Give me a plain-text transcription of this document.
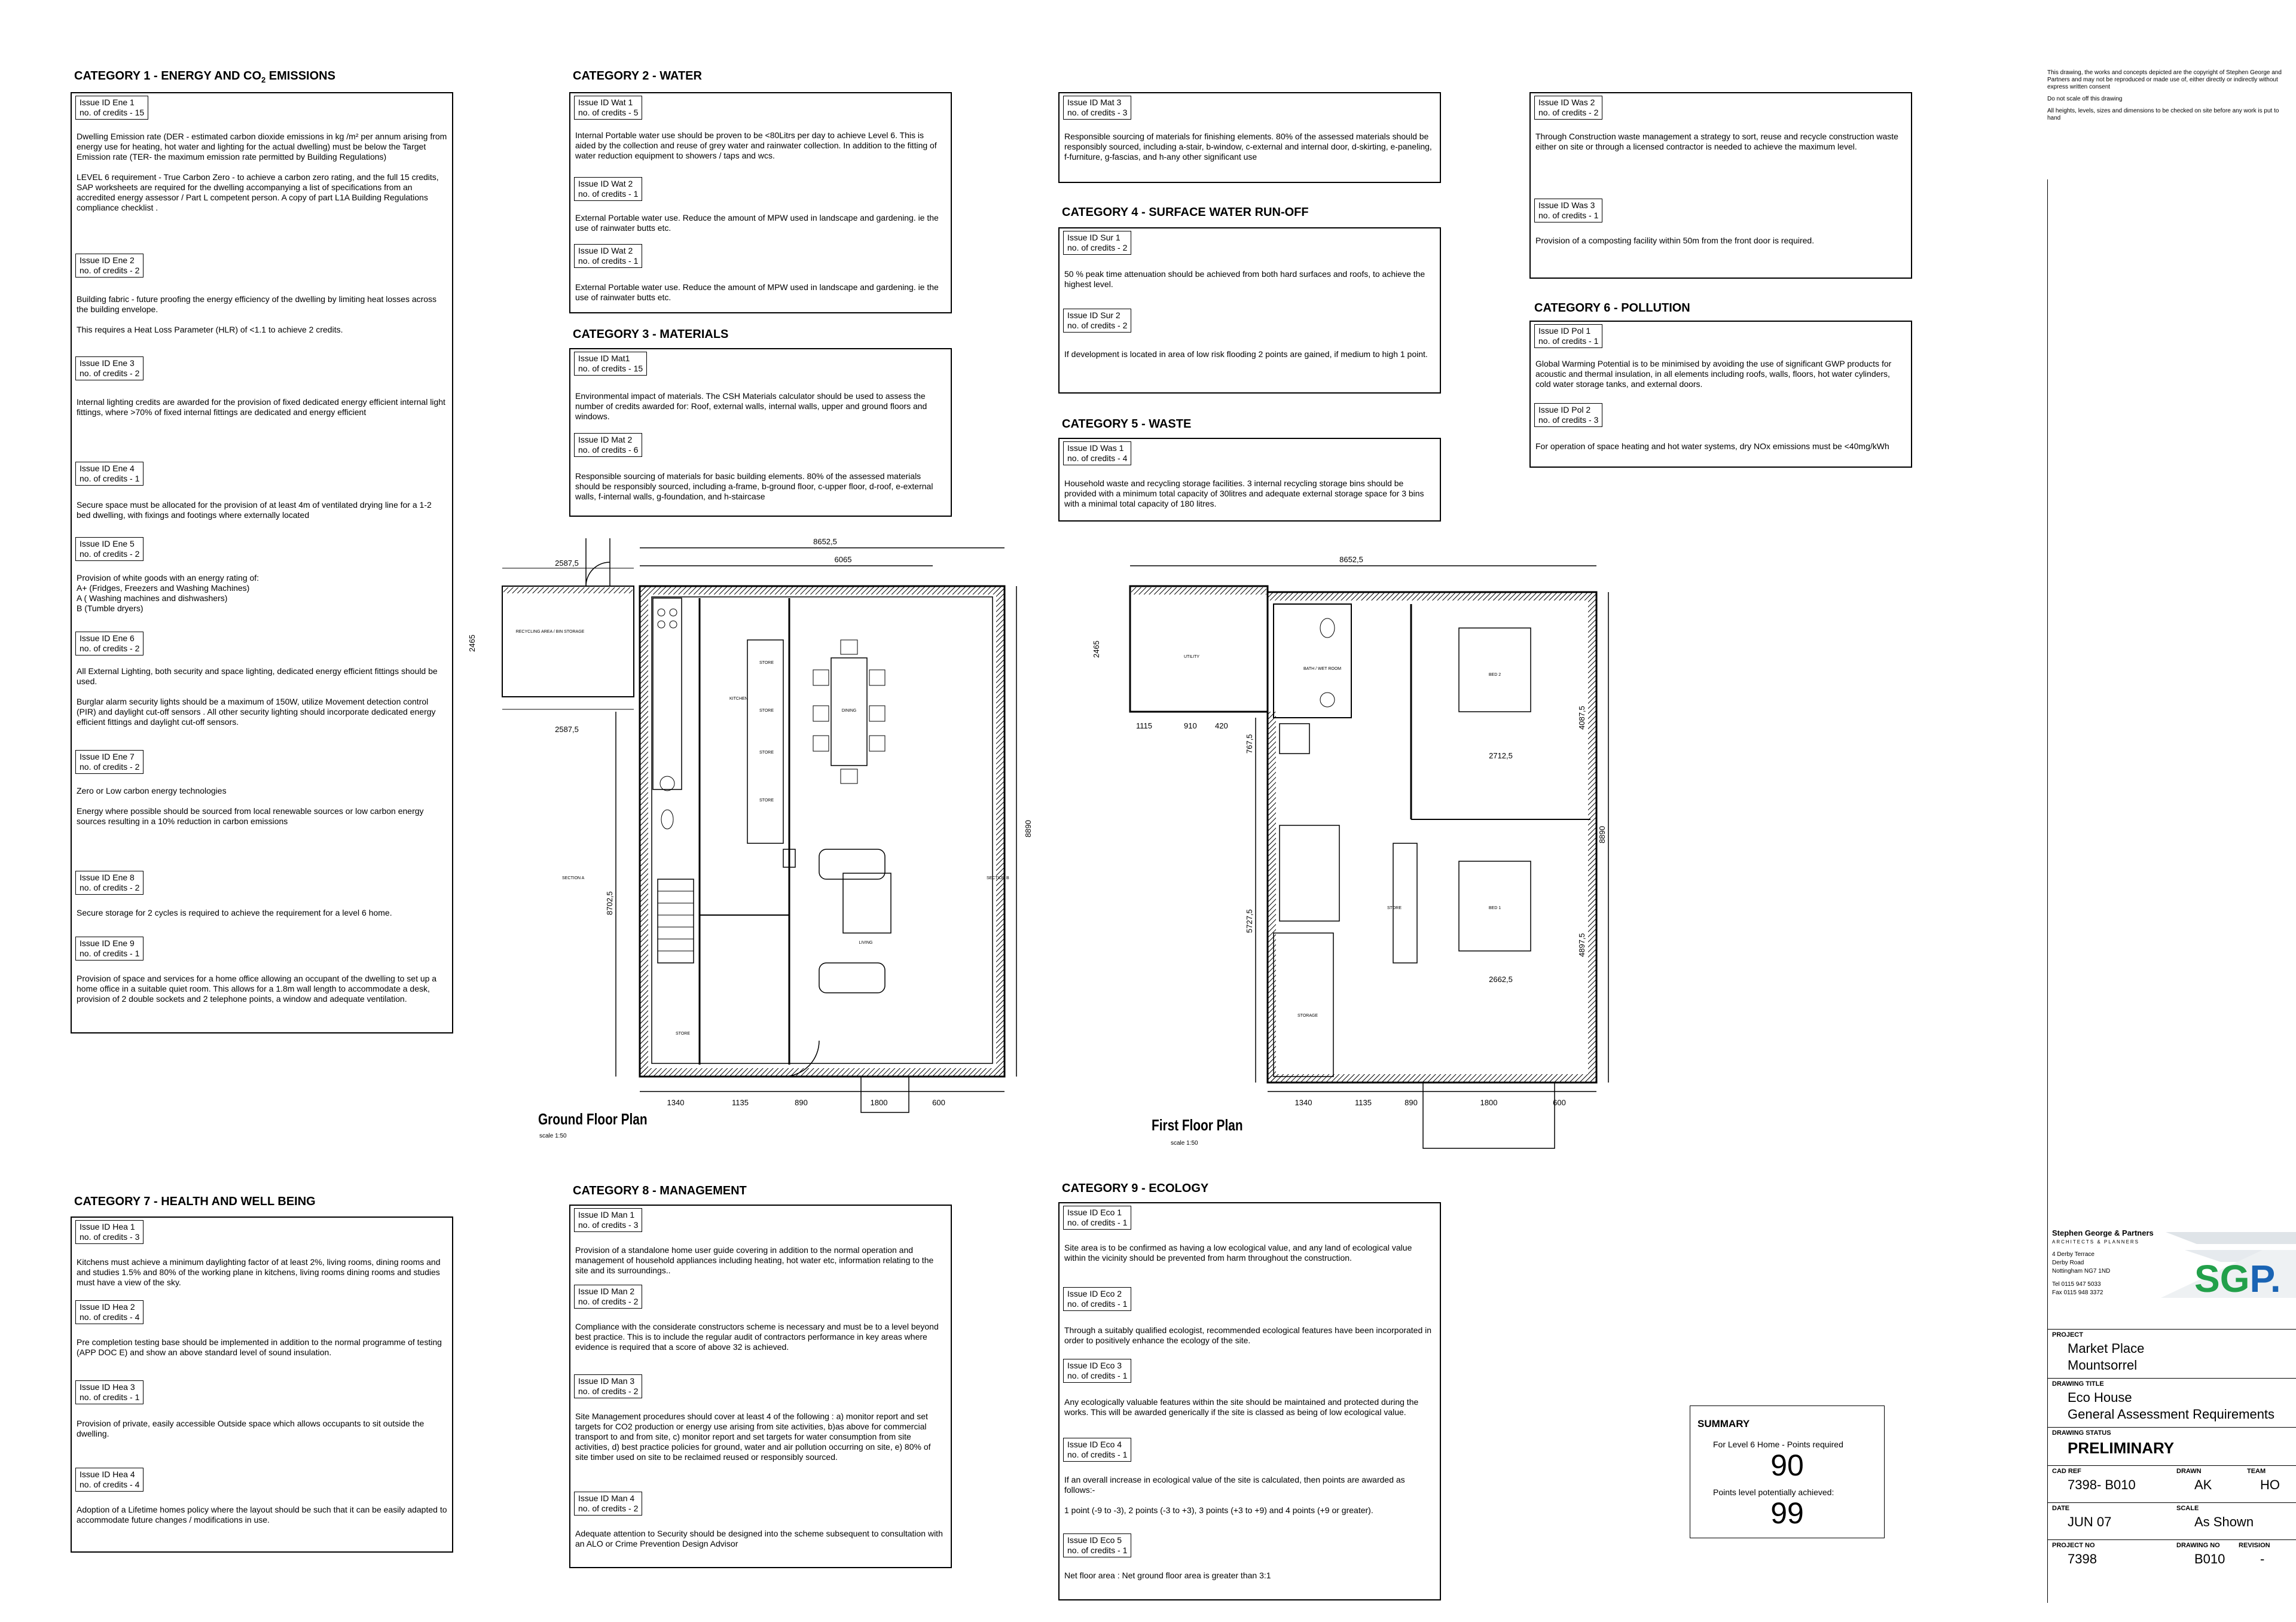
CATEGORY 1 - ENERGY AND $CO_2$ EMISSIONS	CATEGORY 2 - WATER
CATEGORY 3 - MATERIALS
CATEGORY 4 - SURFACE WATER RUN-OFF
CATEGORY 5 - WASTE
CATEGORY 6 - POLLUTION
CATEGORY 7 - HEALTH AND WELL BEING
CATEGORY 8 - MANAGEMENT	CATEGORY 9 - ECOLOGY
Issue ID Ene 1
no. of credits - 15
Dwelling Emission rate (DER - estimated carbon dioxide emissions in kg /m² per annum arising from energy use for heating, hot water and lighting for the actual dwelling) must be below the Target Emission rate (TER- the maximum emission rate permitted by Building Regulations)

LEVEL 6 requirement - True Carbon Zero - to achieve a carbon zero rating, and the full 15 credits, SAP worksheets are required for the dwelling accompanying a list of specifications from an accredited energy assessor / Part L competent person. A copy of part L1A Building Regulations compliance checklist .
Issue ID Ene 2
no. of credits - 2
Building fabric - future proofing the energy efficiency of the dwelling by limiting heat losses across the building envelope.

This requires a Heat Loss Parameter (HLR) of <1.1 to achieve 2 credits.
Issue ID Ene 3
no. of credits - 2
Internal lighting credits are awarded for the provision of fixed dedicated energy efficient internal light fittings, where >70% of fixed internal fittings are dedicated and energy efficient
Issue ID Ene 4
no. of credits - 1
Secure space must be allocated for the provision of at least 4m of ventilated drying line for a 1-2 bed dwelling, with fixings and footings where externally located
Issue ID Ene 5
no. of credits - 2
Provision of white goods with an energy rating of:
A+ (Fridges, Freezers and Washing Machines)
A ( Washing machines and dishwashers)
B (Tumble dryers)
Issue ID Ene 6
no. of credits - 2
All External Lighting, both security and space lighting, dedicated energy efficient fittings should be used.

Burglar alarm security lights should be a maximum of 150W, utilize Movement detection control (PIR) and daylight cut-off sensors . All other security lighting should incorporate dedicated energy efficient fittings and daylight cut-off sensors.
Issue ID Ene 7
no. of credits - 2
Zero or Low carbon energy technologies

Energy where possible should be sourced from local renewable sources or low carbon energy sources resulting in a 10% reduction in carbon emissions
Issue ID Ene 8
no. of credits - 2
Secure storage for 2 cycles is required to achieve the requirement for a level 6 home.
Issue ID Ene 9
no. of credits - 1
Provision of space and services for a home office allowing an occupant of the dwelling to set up a home office in a suitable quiet room. This allows for a 1.8m wall length to accommodate a desk, provision of 2 double sockets and 2 telephone points, a window and adequate ventilation.
Issue ID Wat 1
no. of credits - 5
Internal Portable water use should be proven to be <80Litrs per day to achieve Level 6. This is aided by the collection and reuse of grey water and rainwater collection. In addition to the fitting of water reduction equipment to showers / taps and wcs.
Issue ID Wat 2
no. of credits - 1
External Portable water use. Reduce the amount of MPW used in landscape and gardening. ie the use of rainwater butts etc.
Issue ID Wat 2
no. of credits - 1
External Portable water use. Reduce the amount of MPW used in landscape and gardening. ie the use of rainwater butts etc.
Issue ID Mat1
no. of credits - 15
Environmental impact of materials. The CSH Materials calculator should be used to assess the number of credits awarded for: Roof, external walls, internal walls, upper and ground floors and windows.
Issue ID Mat 2
no. of credits - 6
Responsible sourcing of materials for basic building elements. 80% of the assessed materials should be responsibly sourced, including a-frame, b-ground floor, c-upper floor, d-roof, e-external walls, f-internal walls, g-foundation, and h-staircase
Issue ID Mat 3
no. of credits - 3
Responsible sourcing of materials for finishing elements. 80% of the assessed materials should be responsibly sourced, including a-stair, b-window, c-external and internal door, d-skirting, e-paneling, f-furniture, g-fascias, and h-any other significant use
Issue ID Sur 1
no. of credits - 2
50 % peak time attenuation should be achieved from both hard surfaces and roofs, to achieve the highest level.
Issue ID Sur 2
no. of credits - 2
If development is located in area of low risk flooding 2 points are gained, if medium to high 1 point.
Issue ID Was 1
no. of credits - 4
Household waste and recycling storage facilities. 3 internal recycling storage bins should be provided with a minimum total capacity of 30litres and adequate external storage space for 3 bins with a minimal total capacity of 180 litres.
Issue ID Was 2
no. of credits - 2
Through Construction waste management a strategy to sort, reuse and recycle construction waste either on site or through a licensed contractor is needed to achieve the maximum level.
Issue ID Was 3
no. of credits - 1
Provision of a composting facility within 50m from the front door is required.
Issue ID Pol 1
no. of credits - 1
Global Warming Potential is to be minimised by avoiding the use of significant GWP products for acoustic and thermal insulation, in all elements including roofs, walls, floors, hot water cylinders, cold water storage tanks, and external doors.
Issue ID Pol 2
no. of credits - 3
For operation of space heating and hot water systems, dry NOx emissions must be <40mg/kWh
Issue ID Hea 1
no. of credits - 3
Kitchens must achieve a minimum daylighting factor of at least 2%, living rooms, dining rooms and and studies 1.5% and 80% of the working plane in kitchens, living rooms dining rooms and studies must have a view of the sky.
Issue ID Hea 2
no. of credits - 4
Pre completion testing base should be implemented in addition to the normal programme of testing (APP DOC E) and show an above standard level of sound insulation.
Issue ID Hea 3
no. of credits - 1
Provision of private, easily accessible Outside space which allows occupants to sit outside the dwelling.
Issue ID Hea 4
no. of credits - 4
Adoption of a Lifetime homes policy where the layout should be such that it can be easily adapted to accommodate future changes / modifications in use.
Issue ID Man 1
no. of credits - 3
Provision of a standalone home user guide covering in addition to the normal operation and management of household appliances including heating, hot water etc, information relating to the site and its surroundings..
Issue ID Man 2
no. of credits - 2
Compliance with the considerate constructors scheme is necessary and must be to a level beyond best practice. This is to include the regular audit of contractors performance in key areas where evidence is required that a score of above 32 is achieved.
Issue ID Man 3
no. of credits - 2
Site Management procedures should cover at least 4 of the following : a) monitor report and set targets for CO2 production or energy use arising from site activities, b)as above for commercial transport to and from site, c) monitor report and set targets for water consumption from site activities, d) best practice policies for ground, water and air pollution occurring on site, e) 80% of site timber used on site to be reclaimed reused or responsibly sourced.
Issue ID Man 4
no. of credits - 2
Adequate attention to Security should be designed into the scheme subsequent to consultation with an ALO or Crime Prevention Design Advisor
Issue ID Eco 1
no. of credits - 1
Site area is to be confirmed as having a low ecological value, and any land of ecological value within the vicinity should be prevented from harm throughout the construction.
Issue ID Eco 2
no. of credits - 1
Through a suitably qualified ecologist, recommended ecological features have been incorporated in order to positively enhance the ecology of the site.
Issue ID Eco 3
no. of credits - 1
Any ecologically valuable features within the site should be maintained and protected during the works. This will be awarded generically if the site is classed as being of low ecological value.
Issue ID Eco 4
no. of credits - 1
If an overall increase in ecological value of the site is calculated, then points are awarded as follows:-

1 point (-9 to -3), 2 points (-3 to +3), 3 points (+3 to +9) and 4 points (+9 or greater).
Issue ID Eco 5
no. of credits - 1
Net floor area : Net ground floor area is greater than 3:1
8652,5
6065
2587,5
2587,5
2465
RECYCLING AREA / BIN STORAGE
KITCHEN
STORE
STORE
STORE
STORE
STORE
DINING
LIVING
SECTION A	SECTION B
8890
8702,5
1340	1135	890	1800	600
Ground Floor Plan
scale 1:50
8652,5
UTILITY
2465
BATH / WET ROOM
BED 2
2712,5
BED 1
2662,5
STORE
STORAGE
1115	910 420
5727,5
767,5
8890
4087,5
4897,5
1340	1135	890	1800	600
First Floor Plan
scale 1:50
SUMMARY
For Level 6 Home - Points required
90
Points level potentially achieved:
99
This drawing, the works and concepts depicted are the copyright of Stephen George and Partners and may not be reproduced or made use of, either directly or indirectly without express written consent
Do not scale off this drawing
All heights, levels, sizes and dimensions to be checked on site before any work is put to hand
Stephen George & Partners
ARCHITECTS & PLANNERS
4 Derby Terrace
Derby Road
Nottingham NG7 1ND
Tel 0115 947 5033
Fax 0115 948 3372 SGP.
PROJECT
Market Place
Mountsorrel
DRAWING TITLE
Eco House
General Assessment Requirements
DRAWING STATUS
PRELIMINARY
CAD REF
7398- B010
DRAWN
AK
TEAM
HO
DATE
JUN 07
SCALE
As Shown
PROJECT NO
7398
DRAWING NO
B010
REVISION
-
